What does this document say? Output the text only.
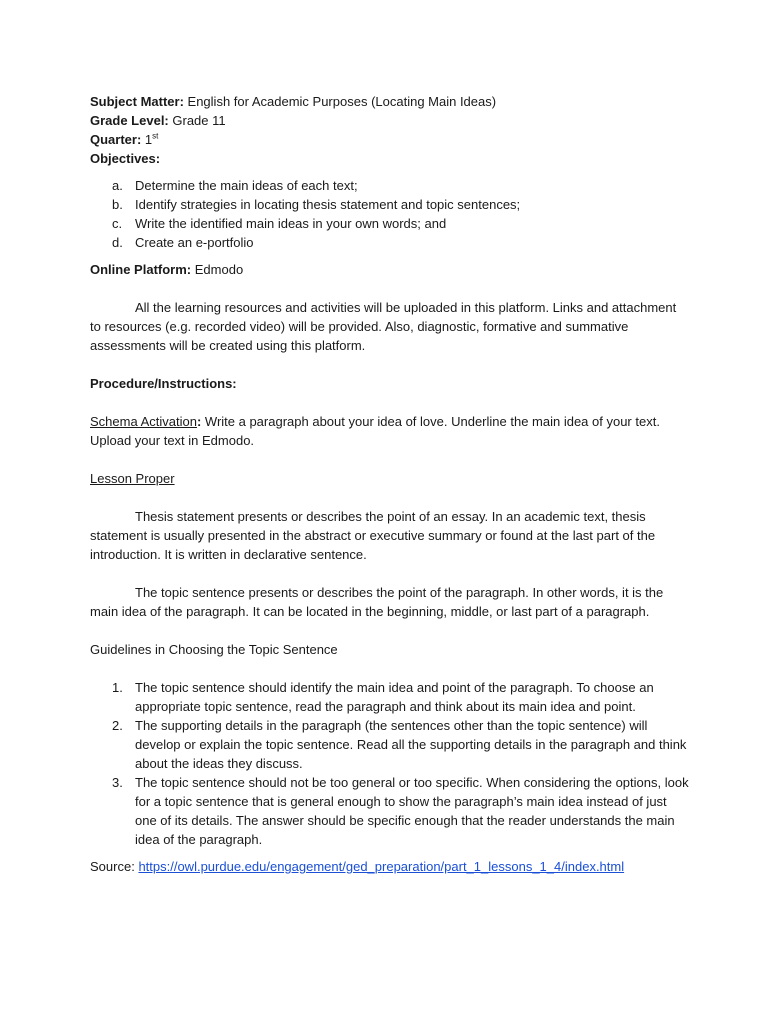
Subject Matter: English for Academic Purposes (Locating Main Ideas)

Grade Level: Grade 11

Quarter: 1st

Objectives:

a. Determine the main ideas of each text;
b. Identify strategies in locating thesis statement and topic sentences;
c. Write the identified main ideas in your own words; and
d. Create an e-portfolio

Online Platform: Edmodo

All the learning resources and activities will be uploaded in this platform. Links and attachment to resources (e.g. recorded video) will be provided. Also, diagnostic, formative and summative assessments will be created using this platform.

Procedure/Instructions:

Schema Activation: Write a paragraph about your idea of love. Underline the main idea of your text. Upload your text in Edmodo.

Lesson Proper

Thesis statement presents or describes the point of an essay. In an academic text, thesis statement is usually presented in the abstract or executive summary or found at the last part of the introduction. It is written in declarative sentence.

The topic sentence presents or describes the point of the paragraph. In other words, it is the main idea of the paragraph. It can be located in the beginning, middle, or last part of a paragraph.

Guidelines in Choosing the Topic Sentence

1. The topic sentence should identify the main idea and point of the paragraph. To choose an appropriate topic sentence, read the paragraph and think about its main idea and point.
2. The supporting details in the paragraph (the sentences other than the topic sentence) will develop or explain the topic sentence. Read all the supporting details in the paragraph and think about the ideas they discuss.
3. The topic sentence should not be too general or too specific. When considering the options, look for a topic sentence that is general enough to show the paragraph’s main idea instead of just one of its details. The answer should be specific enough that the reader understands the main idea of the paragraph.

Source: https://owl.purdue.edu/engagement/ged_preparation/part_1_lessons_1_4/index.html
